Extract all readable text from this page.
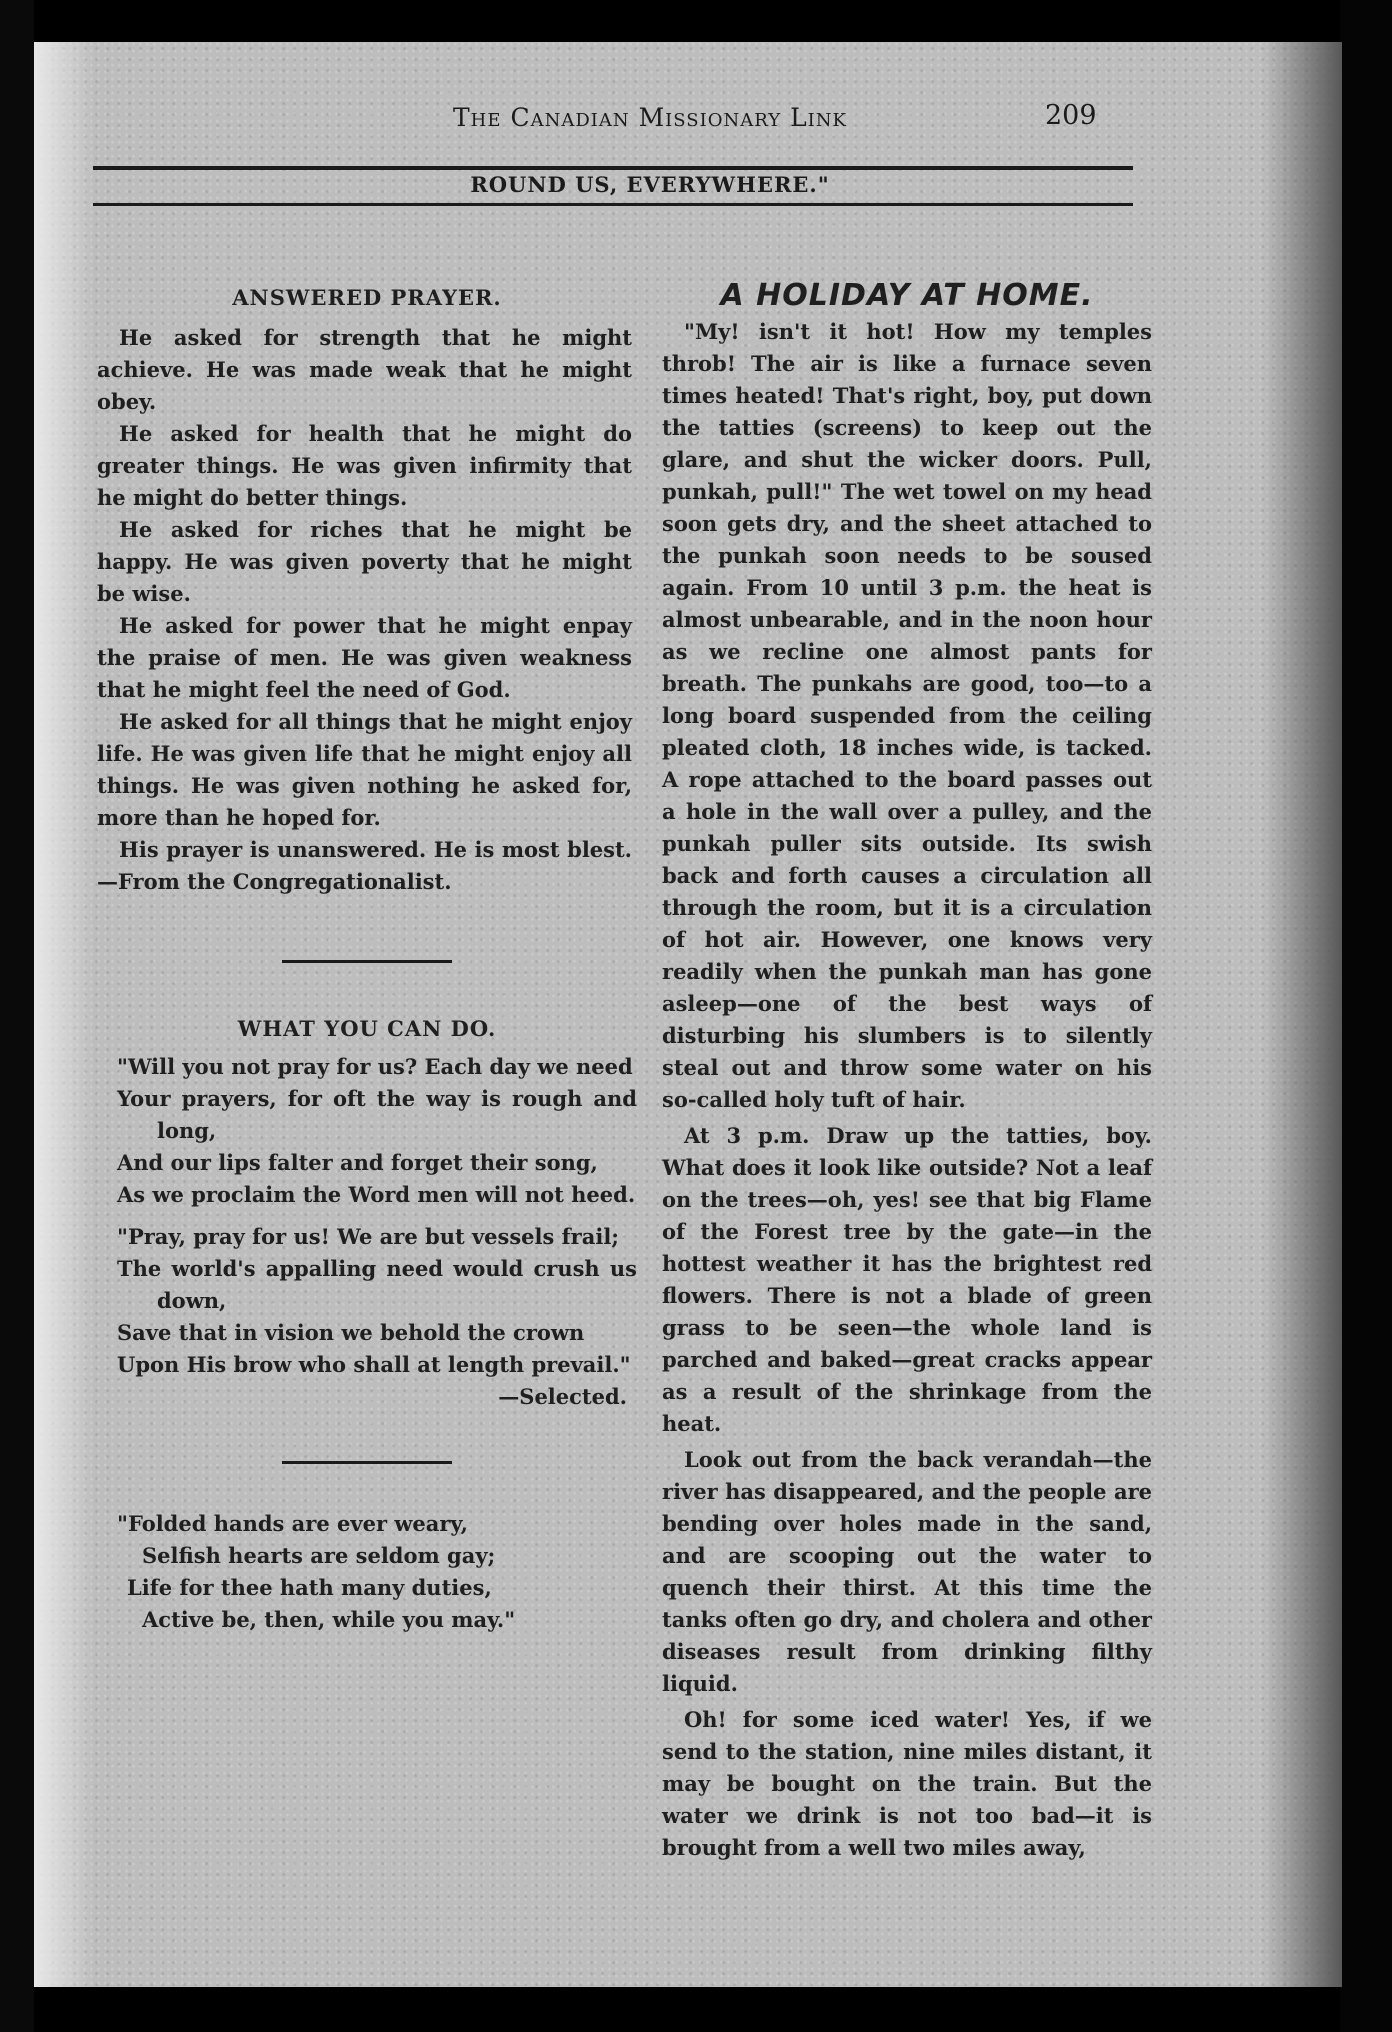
The Canadian Missionary Link	209
ROUND US, EVERYWHERE."
ANSWERED PRAYER.

He asked for strength that he might achieve. He was made weak that he might obey.

He asked for health that he might do greater things. He was given infirmity that he might do better things.

He asked for riches that he might be happy. He was given poverty that he might be wise.

He asked for power that he might enpay the praise of men. He was given weakness that he might feel the need of God.

He asked for all things that he might enjoy life. He was given life that he might enjoy all things. He was given nothing he asked for, more than he hoped for.

His prayer is unanswered. He is most blest.—From the Congregationalist.

WHAT YOU CAN DO.
"Will you not pray for us? Each day we need
Your prayers, for oft the way is rough and long,
And our lips falter and forget their song,
As we proclaim the Word men will not heed.
"Pray, pray for us! We are but vessels frail;
The world's appalling need would crush us down,
Save that in vision we behold the crown
Upon His brow who shall at length prevail."
—Selected.
"Folded hands are ever weary,
Selfish hearts are seldom gay;
Life for thee hath many duties,
Active be, then, while you may."
A HOLIDAY AT HOME.

"My! isn't it hot! How my temples throb! The air is like a furnace seven times heated! That's right, boy, put down the tatties (screens) to keep out the glare, and shut the wicker doors. Pull, punkah, pull!" The wet towel on my head soon gets dry, and the sheet attached to the punkah soon needs to be soused again. From 10 until 3 p.m. the heat is almost unbearable, and in the noon hour as we recline one almost pants for breath. The punkahs are good, too—to a long board suspended from the ceiling pleated cloth, 18 inches wide, is tacked. A rope attached to the board passes out a hole in the wall over a pulley, and the punkah puller sits outside. Its swish back and forth causes a circulation all through the room, but it is a circulation of hot air. However, one knows very readily when the punkah man has gone asleep—one of the best ways of disturbing his slumbers is to silently steal out and throw some water on his so-called holy tuft of hair.

At 3 p.m. Draw up the tatties, boy. What does it look like outside? Not a leaf on the trees—oh, yes! see that big Flame of the Forest tree by the gate—in the hottest weather it has the brightest red flowers. There is not a blade of green grass to be seen—the whole land is parched and baked—great cracks appear as a result of the shrinkage from the heat.

Look out from the back verandah—the river has disappeared, and the people are bending over holes made in the sand, and are scooping out the water to quench their thirst. At this time the tanks often go dry, and cholera and other diseases result from drinking filthy liquid.

Oh! for some iced water! Yes, if we send to the station, nine miles distant, it may be bought on the train. But the water we drink is not too bad—it is brought from a well two miles away,
